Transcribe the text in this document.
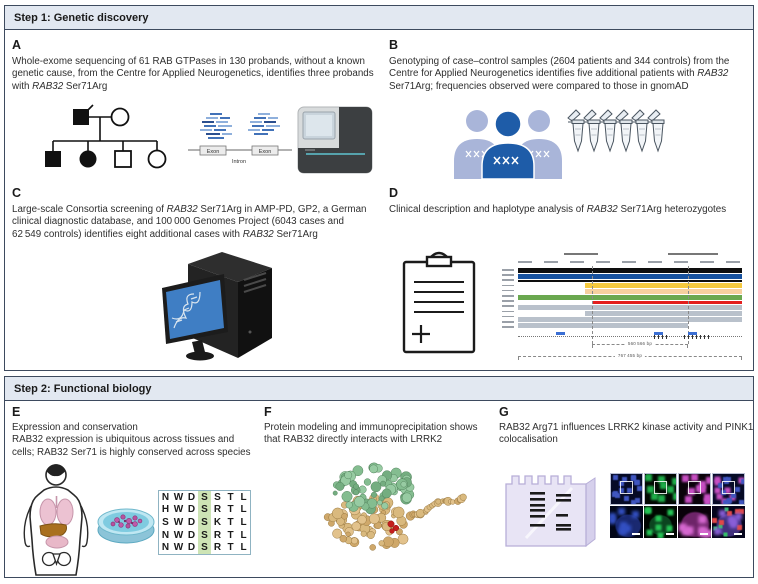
Step 1: Genetic discovery
A
Whole-exome sequencing of 61 RAB GTPases in 130 probands, without a known
genetic cause, from the Centre for Applied Neurogenetics, identifies three probands
with RAB32 Ser71Arg
B
Genotyping of case–control samples (2604 patients and 344 controls) from the
Centre for Applied Neurogenetics identifies five additional patients with RAB32
Ser71Arg; frequencies observed were compared to those in gnomAD
C
Large-scale Consortia screening of RAB32 Ser71Arg in AMP-PD, GP2, a German
clinical diagnostic database, and 100 000 Genomes Project (6043 cases and
62 549 controls) identifies eight additional cases with RAB32 Ser71Arg
D
Clinical description and haplotype analysis of RAB32 Ser71Arg heterozygotes
Exon	Exon
Intron
560 566 bp
767 455 bp
Step 2: Functional biology
E
Expression and conservation
RAB32 expression is ubiquitous across tissues and
cells; RAB32 Ser71 is highly conserved across species
F
Protein modeling and immunoprecipitation shows
that RAB32 directly interacts with LRRK2
G
RAB32 Arg71 influences LRRK2 kinase activity and PINK1
colocalisation
N W D S S T L
H W D S R T L
S W D S K T L
N W D S R T L
N W D S R T L
